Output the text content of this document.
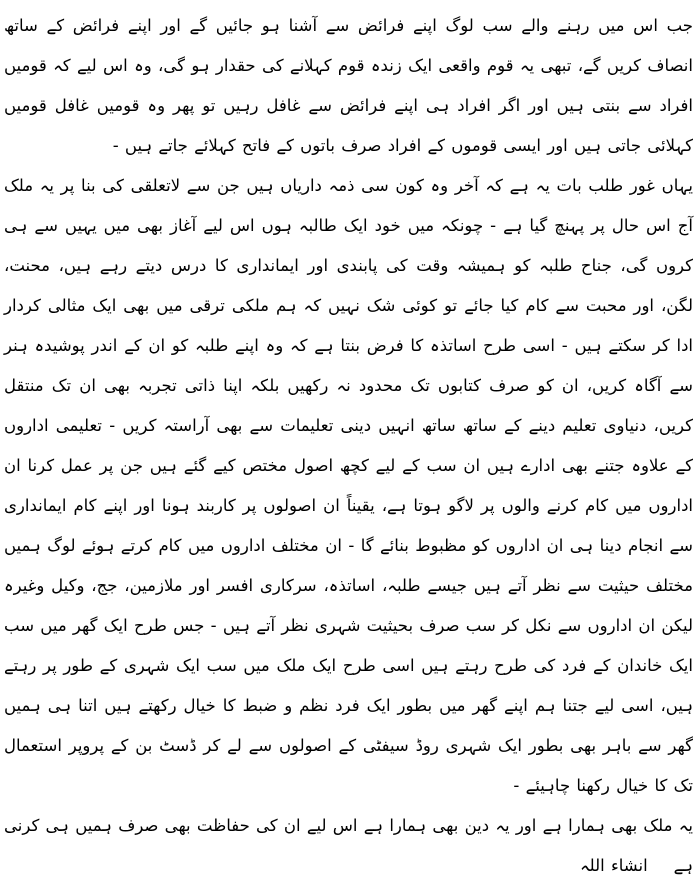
جب اس میں رہنے والے سب لوگ اپنے فرائض سے آشنا ہو جائیں گے اور اپنے فرائض کے ساتھ انصاف کریں گے، تبھی یہ قوم واقعی ایک زندہ قوم کہلانے کی حقدار ہو گی، وہ اس لیے کہ قومیں افراد سے بنتی ہیں اور اگر افراد ہی اپنے فرائض سے غافل رہیں تو پھر وہ قومیں غافل قومیں کہلائی جاتی ہیں اور ایسی قوموں کے افراد صرف باتوں کے فاتح کہلائے جاتے ہیں -

یہاں غور طلب بات یہ ہے کہ آخر وہ کون سی ذمہ داریاں ہیں جن سے لاتعلقی کی بنا پر یہ ملک آج اس حال پر پہنچ گیا ہے - چونکہ میں خود ایک طالبہ ہوں اس لیے آغاز بھی میں یہیں سے ہی کروں گی، جناح طلبہ کو ہمیشہ وقت کی پابندی اور ایمانداری کا درس دیتے رہے ہیں، محنت، لگن، اور محبت سے کام کیا جائے تو کوئی شک نہیں کہ ہم ملکی ترقی میں بھی ایک مثالی کردار ادا کر سکتے ہیں - اسی طرح اساتذہ کا فرض بنتا ہے کہ وہ اپنے طلبہ کو ان کے اندر پوشیدہ ہنر سے آگاہ کریں، ان کو صرف کتابوں تک محدود نہ رکھیں بلکہ اپنا ذاتی تجربہ بھی ان تک منتقل کریں، دنیاوی تعلیم دینے کے ساتھ ساتھ انہیں دینی تعلیمات سے بھی آراستہ کریں - تعلیمی اداروں کے علاوہ جتنے بھی ادارے ہیں ان سب کے لیے کچھ اصول مختص کیے گئے ہیں جن پر عمل کرنا ان اداروں میں کام کرنے والوں پر لاگو ہوتا ہے، یقیناً ان اصولوں پر کاربند ہونا اور اپنے کام ایمانداری سے انجام دینا ہی ان اداروں کو مظبوط بنائے گا - ان مختلف اداروں میں کام کرتے ہوئے لوگ ہمیں مختلف حیثیت سے نظر آتے ہیں جیسے طلبہ، اساتذہ، سرکاری افسر اور ملازمین، جج، وکیل وغیرہ لیکن ان اداروں سے نکل کر سب صرف بحیثیت شہری نظر آتے ہیں - جس طرح ایک گھر میں سب ایک خاندان کے فرد کی طرح رہتے ہیں اسی طرح ایک ملک میں سب ایک شہری کے طور پر رہتے ہیں، اسی لیے جتنا ہم اپنے گھر میں بطور ایک فرد نظم و ضبط کا خیال رکھتے ہیں اتنا ہی ہمیں گھر سے باہر بھی بطور ایک شہری روڈ سیفٹی کے اصولوں سے لے کر ڈسٹ بن کے پروپر استعمال تک کا خیال رکھنا چاہیئے -

یہ ملک بھی ہمارا ہے اور یہ دین بھی ہمارا ہے اس لیے ان کی حفاظت بھی صرف ہمیں ہی کرنی ہےانشاء اللہ
